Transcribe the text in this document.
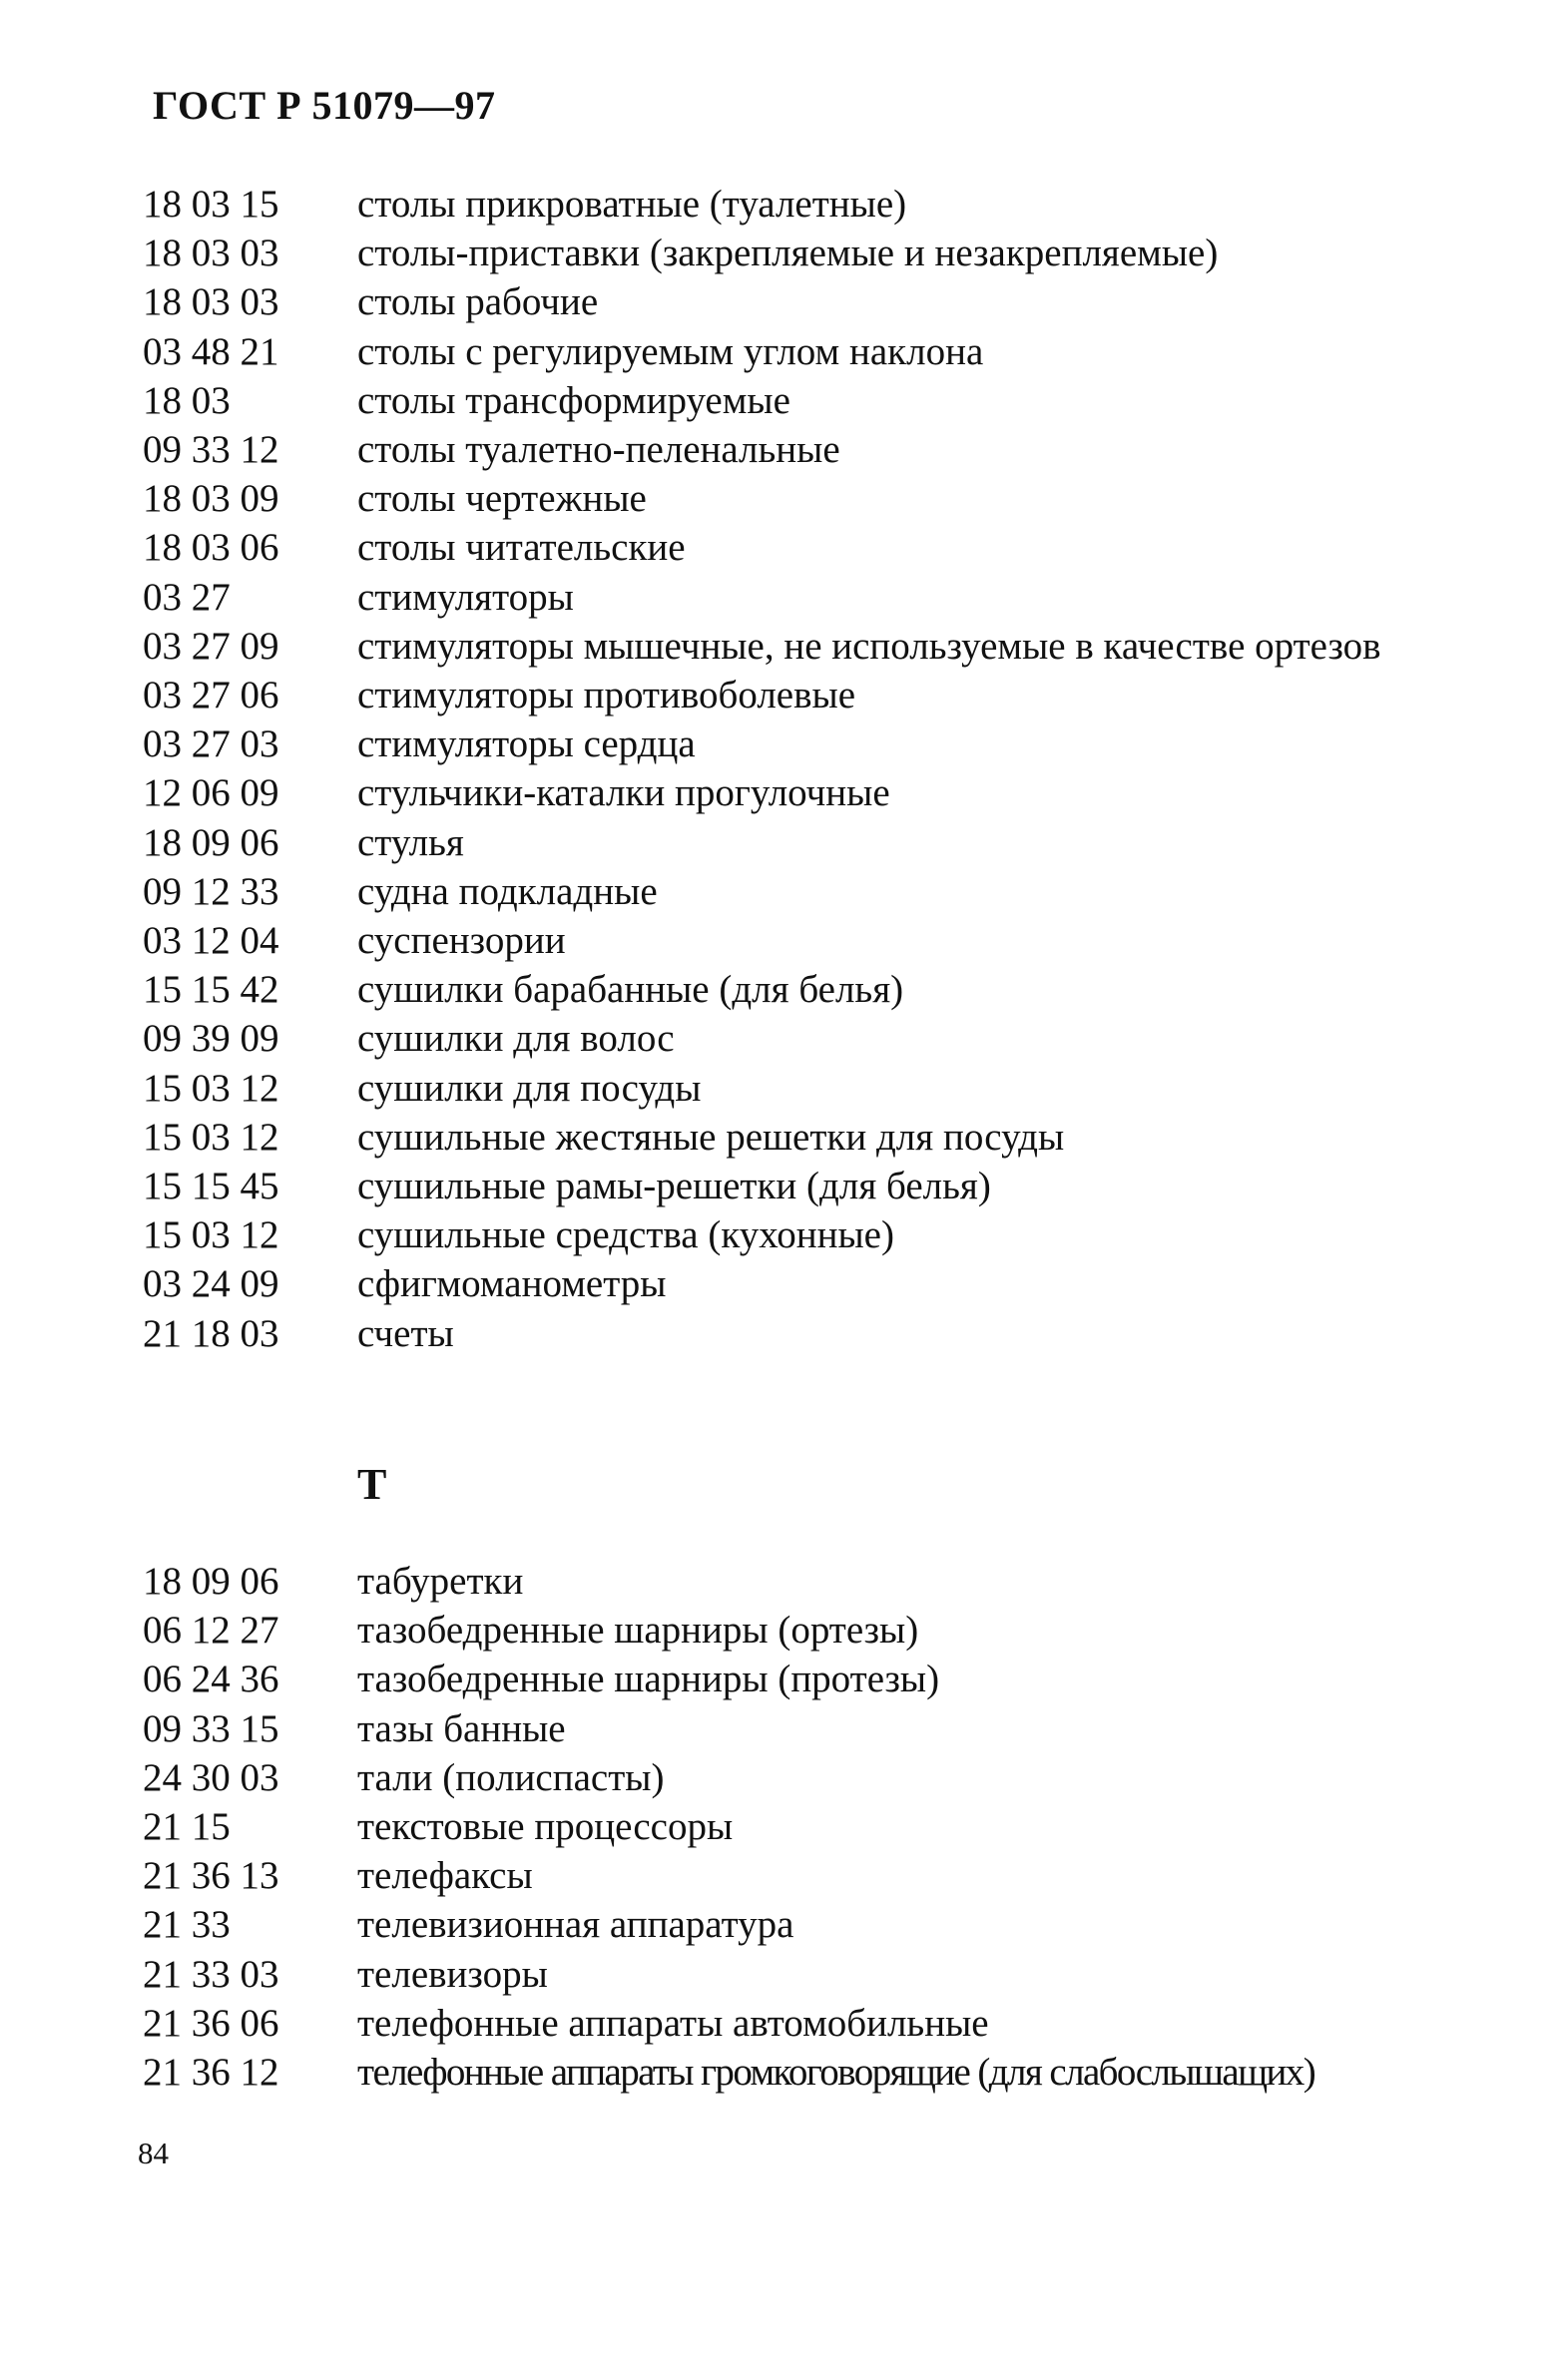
ГОСТ Р 51079—97
18 03 15	столы прикроватные (туалетные)
18 03 03	столы-приставки (закрепляемые и незакрепляемые)
18 03 03	столы рабочие
03 48 21	столы с регулируемым углом наклона
18 03	столы трансформируемые
09 33 12	столы туалетно-пеленальные
18 03 09	столы чертежные
18 03 06	столы читательские
03 27	стимуляторы
03 27 09	стимуляторы мышечные, не используемые в качестве ортезов
03 27 06	стимуляторы противоболевые
03 27 03	стимуляторы сердца
12 06 09	стульчики-каталки прогулочные
18 09 06	стулья
09 12 33	судна подкладные
03 12 04	суспензории
15 15 42	сушилки барабанные (для белья)
09 39 09	сушилки для волос
15 03 12	сушилки для посуды
15 03 12	сушильные жестяные решетки для посуды
15 15 45	сушильные рамы-решетки (для белья)
15 03 12	сушильные средства (кухонные)
03 24 09	сфигмоманометры
21 18 03	счеты
Т
18 09 06	табуретки
06 12 27	тазобедренные шарниры (ортезы)
06 24 36	тазобедренные шарниры (протезы)
09 33 15	тазы банные
24 30 03	тали (полиспасты)
21 15	текстовые процессоры
21 36 13	телефаксы
21 33	телевизионная аппаратура
21 33 03	телевизоры
21 36 06	телефонные аппараты автомобильные
21 36 12	телефонные аппараты громкоговорящие (для слабослышащих)
84
